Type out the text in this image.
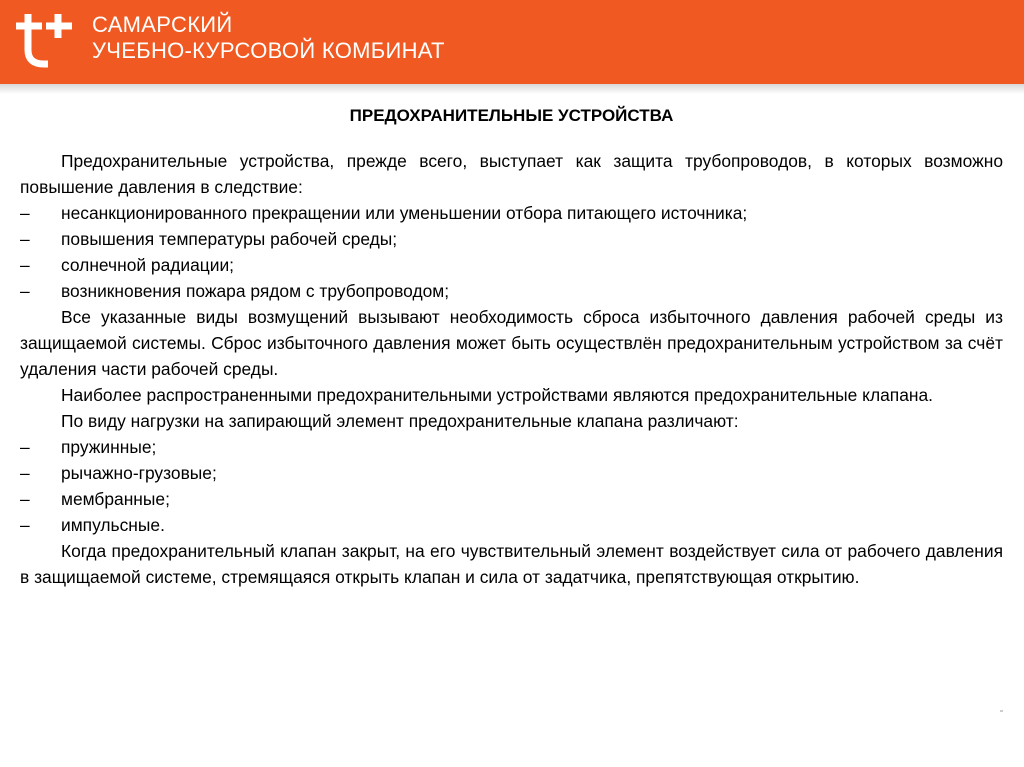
САМАРСКИЙ
УЧЕБНО-КУРСОВОЙ КОМБИНАТ
ПРЕДОХРАНИТЕЛЬНЫЕ УСТРОЙСТВА

Предохранительные устройства, прежде всего, выступает как защита трубопроводов, в которых возможно повышение давления в следствие:

–	несанкционированного прекращении или уменьшении отбора питающего источника;
–	повышения температуры рабочей среды;
–	солнечной радиации;
–	возникновения пожара рядом с трубопроводом;

Все указанные виды возмущений вызывают необходимость сброса избыточного давления рабочей среды из защищаемой системы. Сброс избыточного давления может быть осуществлён предохранительным устройством за счёт удаления части рабочей среды.

Наиболее распространенными предохранительными устройствами являются предохранительные клапана.

По виду нагрузки на запирающий элемент предохранительные клапана различают:

–	пружинные;
–	рычажно-грузовые;
–	мембранные;
–	импульсные.

Когда предохранительный клапан закрыт, на его чувствительный элемент воздействует сила от рабочего давления в защищаемой системе, стремящаяся открыть клапан и сила от задатчика, препятствующая открытию.
